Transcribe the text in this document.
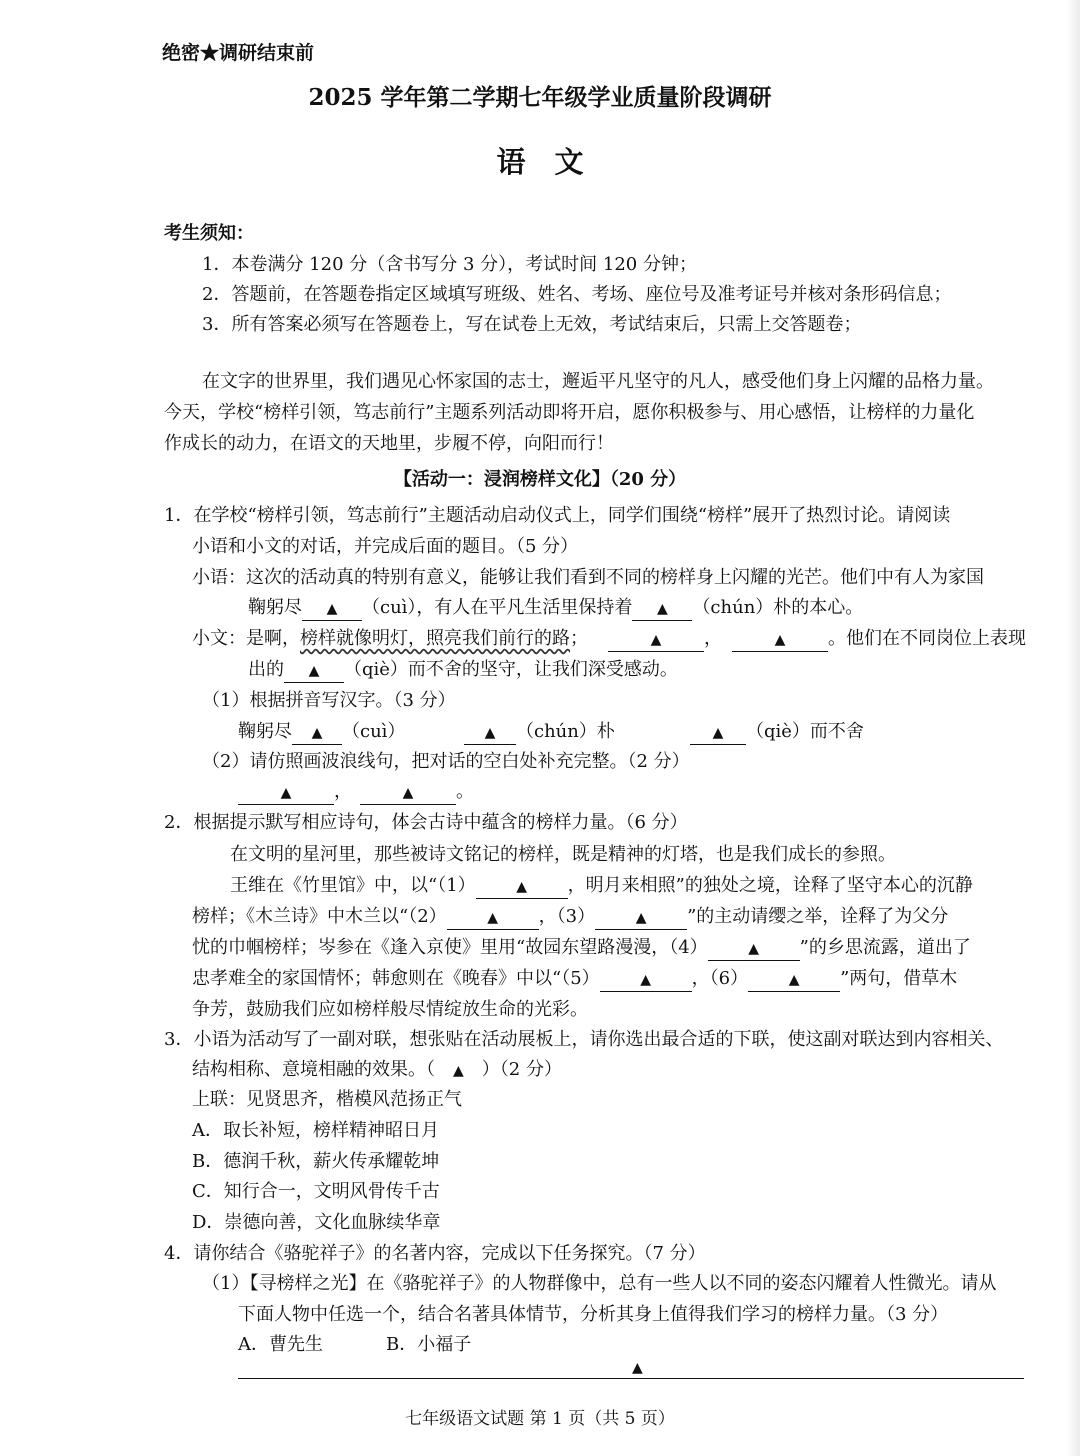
绝密★调研结束前
2025 学年第二学期七年级学业质量阶段调研
语　文
考生须知：
1．本卷满分 120 分（含书写分 3 分），考试时间 120 分钟；
2．答题前，在答题卷指定区域填写班级、姓名、考场、座位号及准考证号并核对条形码信息；
3．所有答案必须写在答题卷上，写在试卷上无效，考试结束后，只需上交答题卷；
在文字的世界里，我们遇见心怀家国的志士，邂逅平凡坚守的凡人，感受他们身上闪耀的品格力量。
今天，学校“榜样引领，笃志前行”主题系列活动即将开启，愿你积极参与、用心感悟，让榜样的力量化
作成长的动力，在语文的天地里，步履不停，向阳而行！
【活动一：浸润榜样文化】（20 分）
1．在学校“榜样引领，笃志前行”主题活动启动仪式上，同学们围绕“榜样”展开了热烈讨论。请阅读
小语和小文的对话，并完成后面的题目。（5 分）
小语：这次的活动真的特别有意义，能够让我们看到不同的榜样身上闪耀的光芒。他们中有人为家国
鞠躬尽 ▲ （cuì），有人在平凡生活里保持着 ▲ （chún）朴的本心。
小文：是啊，榜样就像明灯，照亮我们前行的路；	▲ ，	▲ 。他们在不同岗位上表现
出的 ▲ （qiè）而不舍的坚守，让我们深受感动。
（1）根据拼音写汉字。（3 分）
鞠躬尽 ▲ （cuì）	▲ （chún）朴	▲ （qiè）而不舍
（2）请仿照画波浪线句，把对话的空白处补充完整。（2 分）
▲ ，	▲ 。
2．根据提示默写相应诗句，体会古诗中蕴含的榜样力量。（6 分）
在文明的星河里，那些被诗文铭记的榜样，既是精神的灯塔，也是我们成长的参照。
王维在《竹里馆》中，以“（1）	▲ ，明月来相照”的独处之境，诠释了坚守本心的沉静
榜样；《木兰诗》中木兰以“（2）	▲ ，（3）	▲ ”的主动请缨之举，诠释了为父分
忧的巾帼榜样；岑参在《逢入京使》里用“故园东望路漫漫，（4）	▲ ”的乡思流露，道出了
忠孝难全的家国情怀；韩愈则在《晚春》中以“（5）	▲ ，（6）	▲ ”两句，借草木
争芳，鼓励我们应如榜样般尽情绽放生命的光彩。
3．小语为活动写了一副对联，想张贴在活动展板上，请你选出最合适的下联，使这副对联达到内容相关、
结构相称、意境相融的效果。（　▲　）（2 分）
上联：见贤思齐，楷模风范扬正气
A．取长补短，榜样精神昭日月
B．德润千秋，薪火传承耀乾坤
C．知行合一，文明风骨传千古
D．崇德向善，文化血脉续华章
4．请你结合《骆驼祥子》的名著内容，完成以下任务探究。（7 分）
（1）【寻榜样之光】在《骆驼祥子》的人物群像中，总有一些人以不同的姿态闪耀着人性微光。请从
下面人物中任选一个，结合名著具体情节，分析其身上值得我们学习的榜样力量。（3 分）
A．曹先生	B．小福子
▲
七年级语文试题 第 1 页（共 5 页）
